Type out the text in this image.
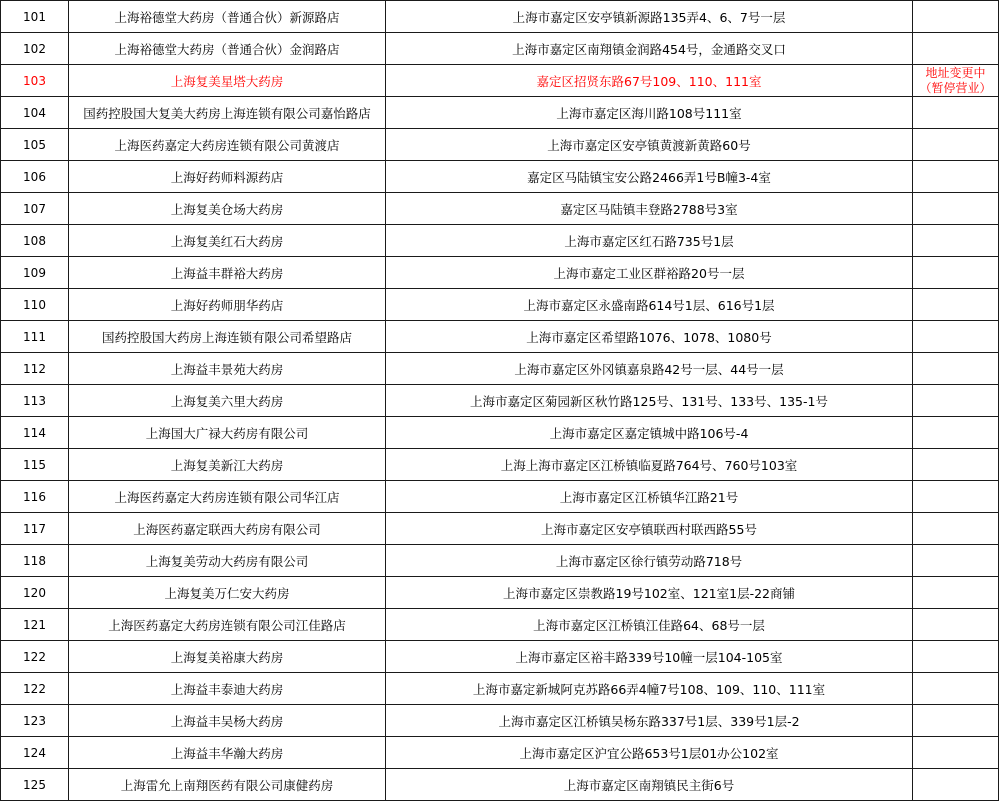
101	上海裕德堂大药房（普通合伙）新源路店	上海市嘉定区安亭镇新源路135弄4、6、7号一层	
102	上海裕德堂大药房（普通合伙）金润路店	上海市嘉定区南翔镇金润路454号，金通路交叉口	
103	上海复美星塔大药房	嘉定区招贤东路67号109、110、111室	地址变更中
（暂停营业）

104	国药控股国大复美大药房上海连锁有限公司嘉怡路店	上海市嘉定区海川路108号111室	
105	上海医药嘉定大药房连锁有限公司黄渡店	上海市嘉定区安亭镇黄渡新黄路60号	
106	上海好药师料源药店	嘉定区马陆镇宝安公路2466弄1号B幢3-4室	
107	上海复美仓场大药房	嘉定区马陆镇丰登路2788号3室	
108	上海复美红石大药房	上海市嘉定区红石路735号1层	
109	上海益丰群裕大药房	上海市嘉定工业区群裕路20号一层	
110	上海好药师朋华药店	上海市嘉定区永盛南路614号1层、616号1层	
111	国药控股国大药房上海连锁有限公司希望路店	上海市嘉定区希望路1076、1078、1080号	
112	上海益丰景苑大药房	上海市嘉定区外冈镇嘉泉路42号一层、44号一层	
113	上海复美六里大药房	上海市嘉定区菊园新区秋竹路125号、131号、133号、135-1号	
114	上海国大广禄大药房有限公司	上海市嘉定区嘉定镇城中路106号-4	
115	上海复美新江大药房	上海上海市嘉定区江桥镇临夏路764号、760号103室	
116	上海医药嘉定大药房连锁有限公司华江店	上海市嘉定区江桥镇华江路21号	
117	上海医药嘉定联西大药房有限公司	上海市嘉定区安亭镇联西村联西路55号	
118	上海复美劳动大药房有限公司	上海市嘉定区徐行镇劳动路718号	
120	上海复美万仁安大药房	上海市嘉定区崇教路19号102室、121室1层-22商铺	
121	上海医药嘉定大药房连锁有限公司江佳路店	上海市嘉定区江桥镇江佳路64、68号一层	
122	上海复美裕康大药房	上海市嘉定区裕丰路339号10幢一层104-105室	
122	上海益丰泰迪大药房	上海市嘉定新城阿克苏路66弄4幢7号108、109、110、111室	
123	上海益丰吴杨大药房	上海市嘉定区江桥镇吴杨东路337号1层、339号1层-2	
124	上海益丰华瀚大药房	上海市嘉定区沪宜公路653号1层01办公102室	
125	上海雷允上南翔医药有限公司康健药房	上海市嘉定区南翔镇民主街6号	
